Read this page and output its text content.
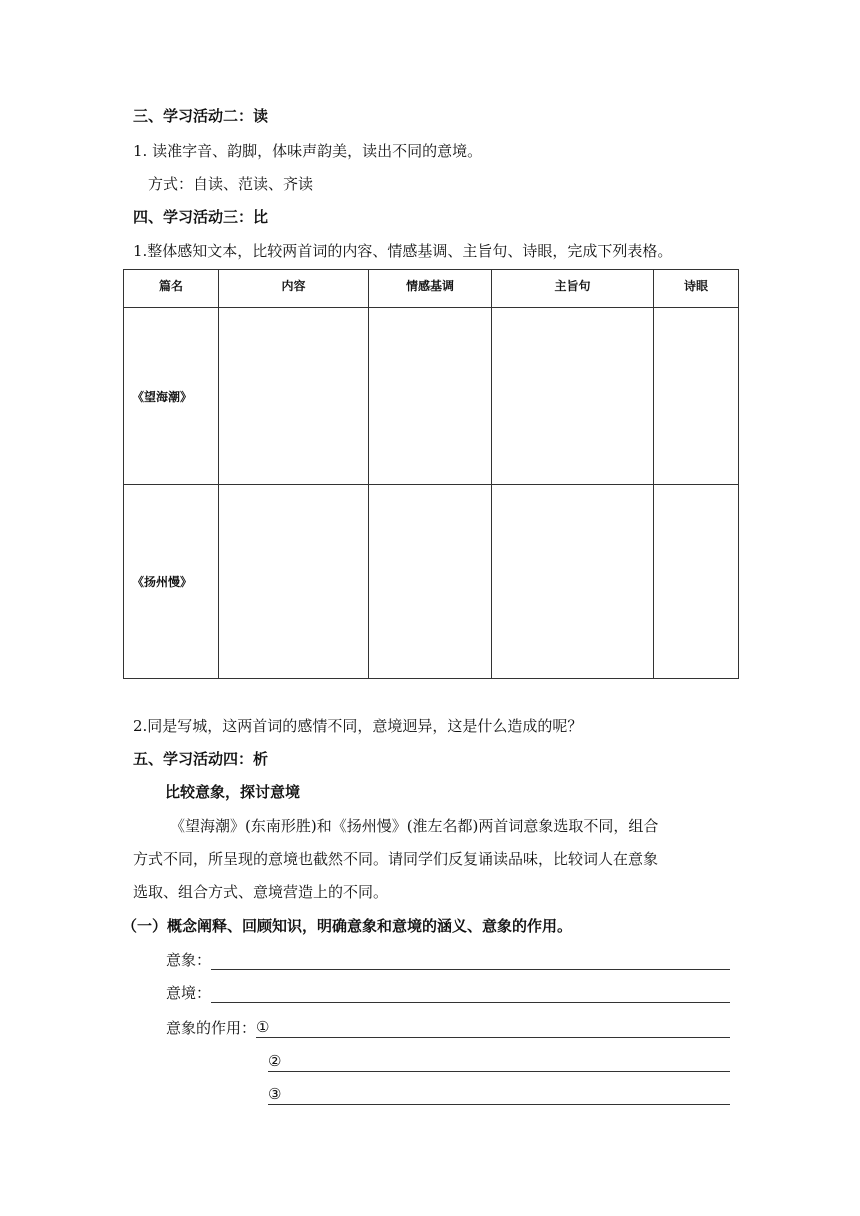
三、学习活动二：读
1. 读准字音、韵脚，体味声韵美，读出不同的意境。
方式：自读、范读、齐读
四、学习活动三：比
1.整体感知文本，比较两首词的内容、情感基调、主旨句、诗眼，完成下列表格。
篇名	内容	情感基调	主旨句	诗眼
《望海潮》				
《扬州慢》				
2.同是写城，这两首词的感情不同，意境迥异，这是什么造成的呢？
五、学习活动四：析
比较意象，探讨意境
《望海潮》(东南形胜)和《扬州慢》(淮左名都)两首词意象选取不同，组合
方式不同，所呈现的意境也截然不同。请同学们反复诵读品味，比较词人在意象
选取、组合方式、意境营造上的不同。
（一）概念阐释、回顾知识，明确意象和意境的涵义、意象的作用。
意象：
意境：
意象的作用： ①
②
③
